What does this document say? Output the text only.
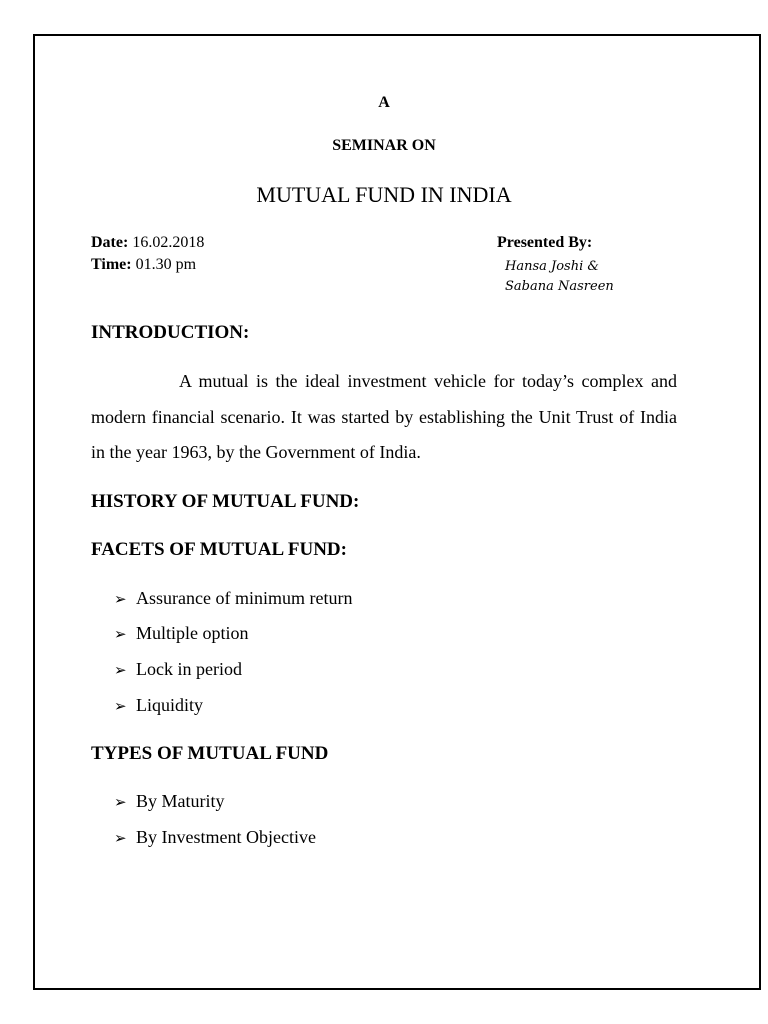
A
SEMINAR ON
MUTUAL FUND IN INDIA
Date: 16.02.2018
Time: 01.30 pm
Presented By:
Hansa Joshi &
Sabana Nasreen
INTRODUCTION:
A mutual is the ideal investment vehicle for today’s complex and modern financial scenario. It was started by establishing the Unit Trust of India in the year 1963, by the Government of India.
HISTORY OF MUTUAL FUND:
FACETS OF MUTUAL FUND:
➢ Assurance of minimum return
➢ Multiple option
➢ Lock in period
➢ Liquidity
TYPES OF MUTUAL FUND
➢ By Maturity
➢ By Investment Objective
